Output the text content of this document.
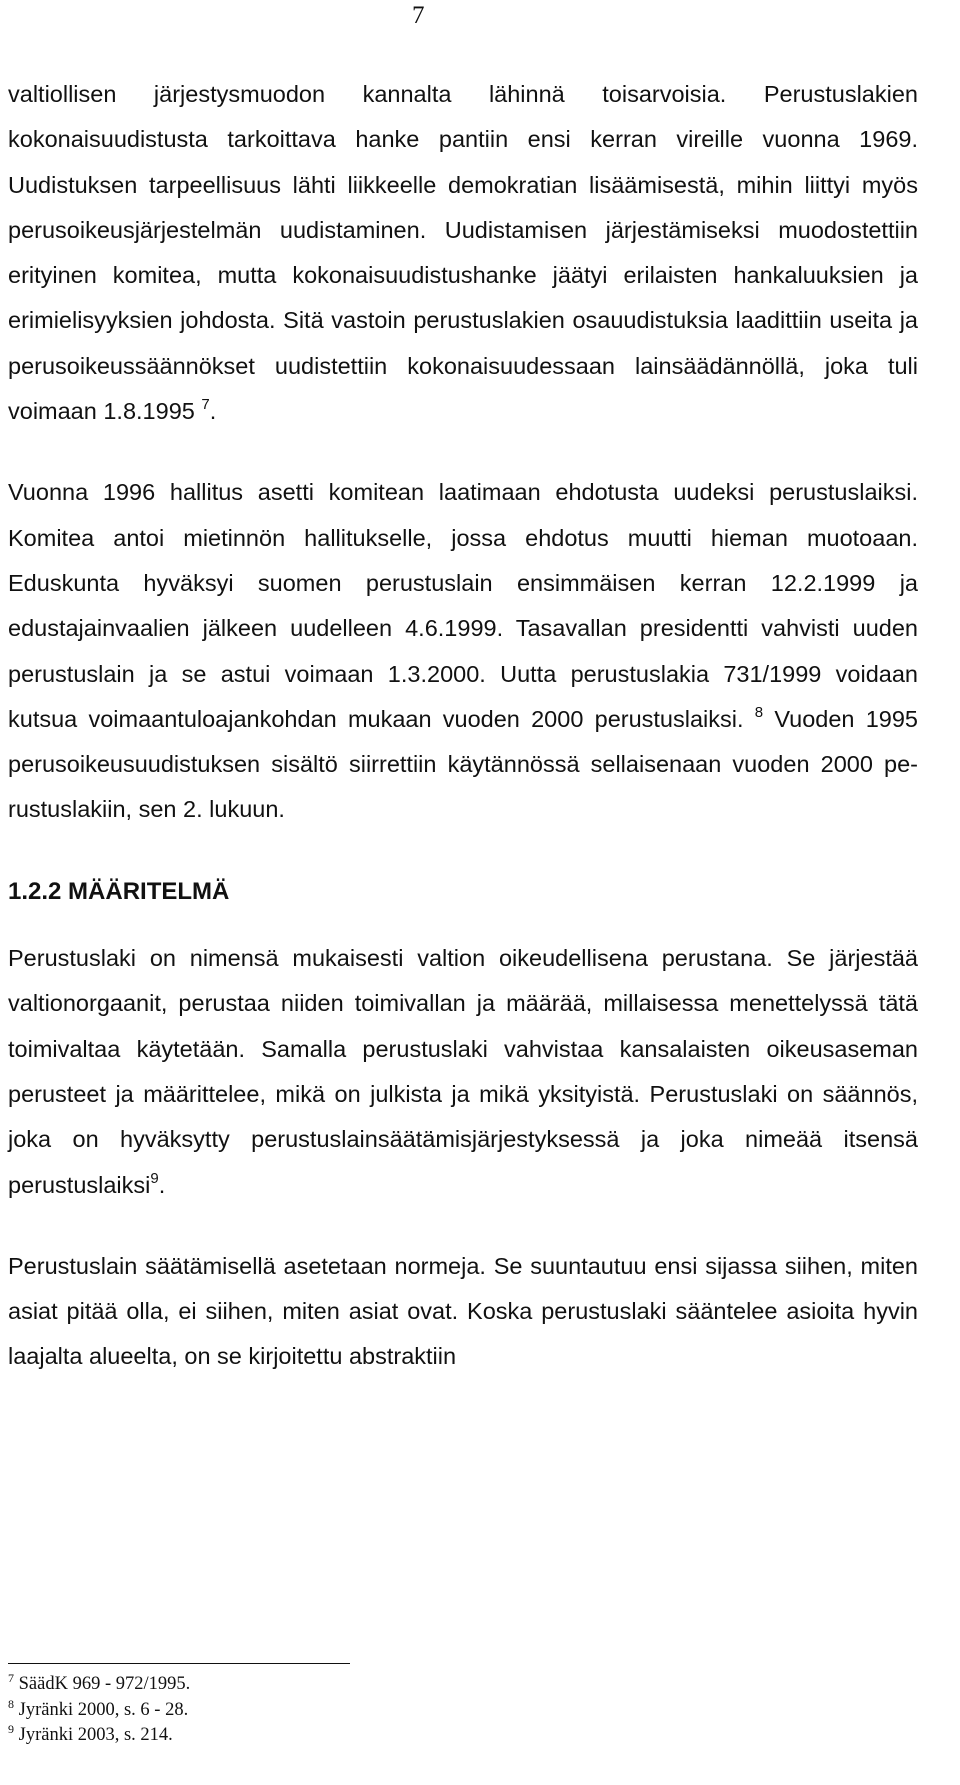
7

valtiollisen järjestysmuodon kannalta lähinnä toisarvoisia. Perustuslakien kokonaisuudistusta tarkoittava hanke pantiin ensi kerran vireille vuonna 1969. Uudistuksen tarpeellisuus lähti liikkeelle demokratian lisäämisestä, mihin liittyi myös perusoikeusjärjestelmän uudistaminen. Uudistamisen järjestämiseksi muodostettiin erityinen komitea, mutta kokonaisuudistushanke jäätyi erilaisten hankaluuksien ja erimielisyyksien johdosta. Sitä vastoin perustuslakien osauudistuksia laadittiin useita ja perusoikeussäännökset uudistettiin kokonaisuudessaan lainsäädännöllä, joka tuli voimaan 1.8.1995 $^7$.

Vuonna 1996 hallitus asetti komitean laatimaan ehdotusta uudeksi perustuslaiksi. Komitea antoi mietinnön hallitukselle, jossa ehdotus muutti hieman muotoaan. Eduskunta hyväksyi suomen perustuslain ensimmäisen kerran 12.2.1999 ja edustajainvaalien jälkeen uudelleen 4.6.1999. Tasavallan presidentti vahvisti uuden perustuslain ja se astui voimaan 1.3.2000. Uutta perustuslakia 731/1999 voidaan kutsua voimaantuloajankohdan mukaan vuoden 2000 perustuslaiksi. $^8$ Vuoden 1995 perusoikeusuudistuksen sisältö siirrettiin käytännössä sellaisenaan vuoden 2000 perustuslakiin, sen 2. lukuun.

1.2.2 MÄÄRITELMÄ

Perustuslaki on nimensä mukaisesti valtion oikeudellisena perustana. Se järjestää valtionorgaanit, perustaa niiden toimivallan ja määrää, millaisessa menettelyssä tätä toimivaltaa käytetään. Samalla perustuslaki vahvistaa kansalaisten oikeusaseman perusteet ja määrittelee, mikä on julkista ja mikä yksityistä. Perustuslaki on säännös, joka on hyväksytty perustuslainsäätämisjärjestyksessä ja joka nimeää itsensä perustuslaiksi$^9$.

Perustuslain säätämisellä asetetaan normeja. Se suuntautuu ensi sijassa siihen, miten asiat pitää olla, ei siihen, miten asiat ovat. Koska perustuslaki sääntelee asioita hyvin laajalta alueelta, on se kirjoitettu abstraktiin

$^7$ SäädK 969 - 972/1995.
$^8$ Jyränki 2000, s. 6 - 28.
$^9$ Jyränki 2003, s. 214.
